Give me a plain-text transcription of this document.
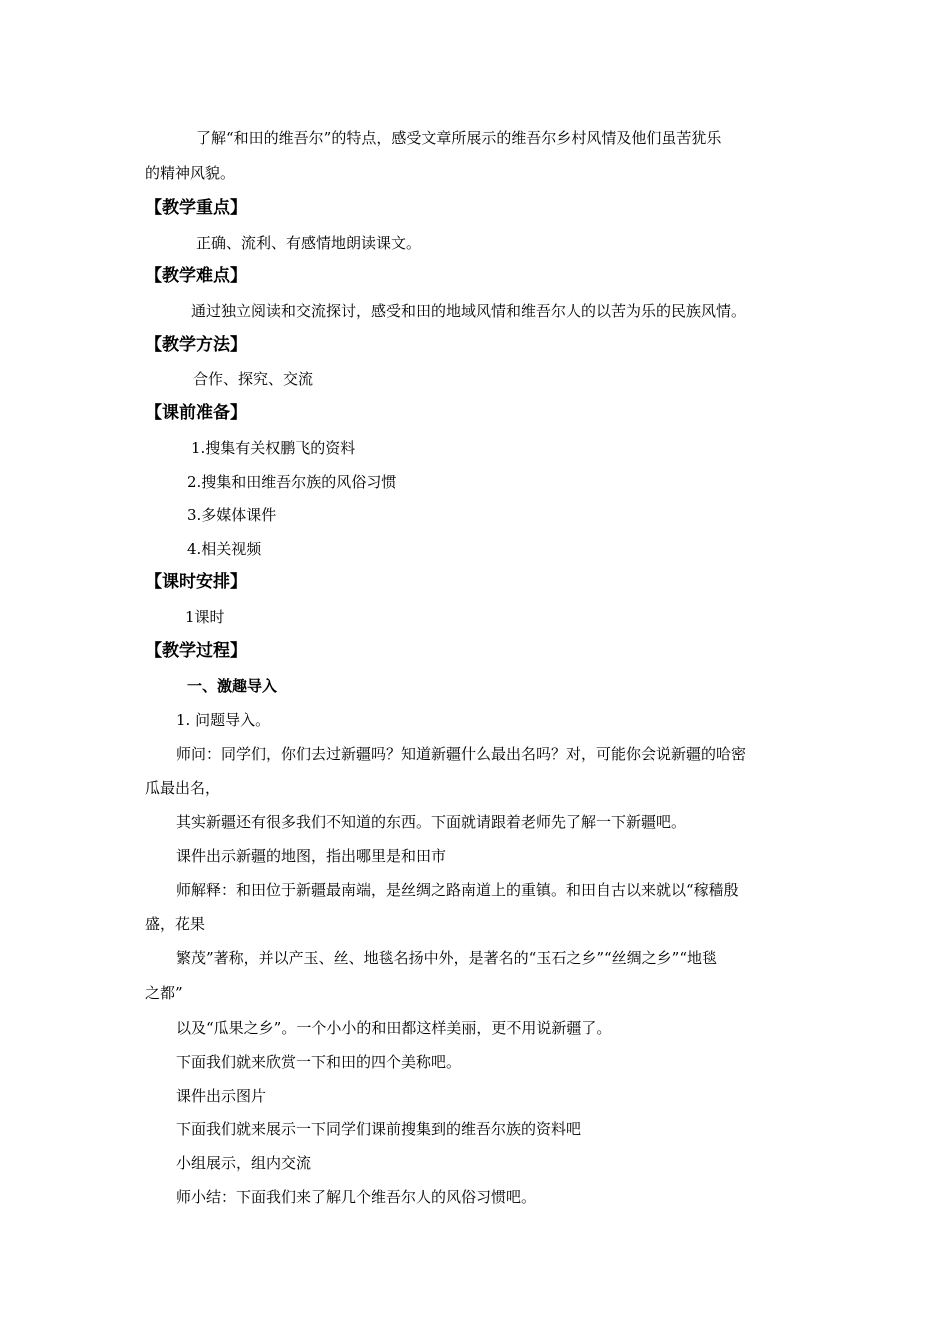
了解“和田的维吾尔”的特点，感受文章所展示的维吾尔乡村风情及他们虽苦犹乐
的精神风貌。
【教学重点】
正确、流利、有感情地朗读课文。
【教学难点】
通过独立阅读和交流探讨，感受和田的地域风情和维吾尔人的以苦为乐的民族风情。
【教学方法】
合作、探究、交流
【课前准备】
1.搜集有关权鹏飞的资料
2.搜集和田维吾尔族的风俗习惯
3.多媒体课件
4.相关视频
【课时安排】
1课时
【教学过程】
一、激趣导入
1. 问题导入。
师问：同学们，你们去过新疆吗？知道新疆什么最出名吗？对，可能你会说新疆的哈密
瓜最出名，
其实新疆还有很多我们不知道的东西。下面就请跟着老师先了解一下新疆吧。
课件出示新疆的地图，指出哪里是和田市
师解释：和田位于新疆最南端，是丝绸之路南道上的重镇。和田自古以来就以“稼穑殷
盛，花果
繁茂”著称，并以产玉、丝、地毯名扬中外，是著名的“玉石之乡”“丝绸之乡”“地毯
之都”
以及“瓜果之乡”。一个小小的和田都这样美丽，更不用说新疆了。
下面我们就来欣赏一下和田的四个美称吧。
课件出示图片
下面我们就来展示一下同学们课前搜集到的维吾尔族的资料吧
小组展示，组内交流
师小结：下面我们来了解几个维吾尔人的风俗习惯吧。
